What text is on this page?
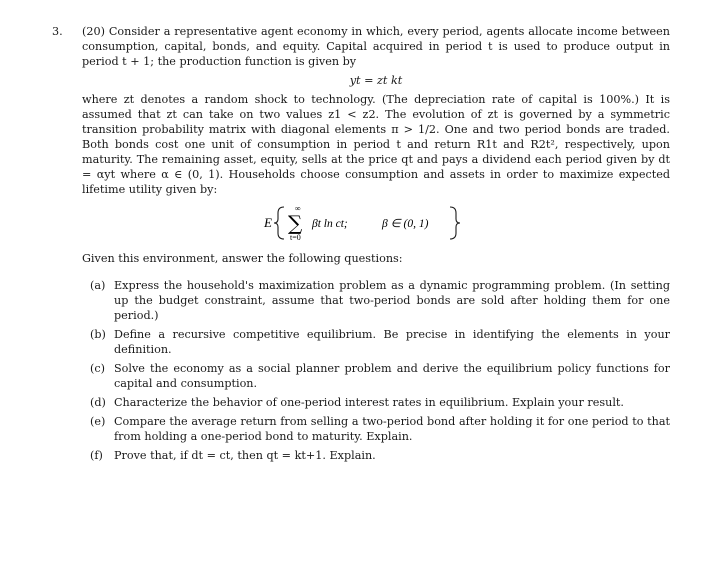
3. (20) Consider a representative agent economy in which, every period, agents allocate income between consumption, capital, bonds, and equity. Capital acquired in period t is used to produce output in period t + 1; the production function is given by
yt = zt kt
where zt denotes a random shock to technology. (The depreciation rate of capital is 100%.) It is assumed that zt can take on two values z1 < z2. The evolution of zt is governed by a symmetric transition probability matrix with diagonal elements π > 1/2. One and two period bonds are traded. Both bonds cost one unit of consumption in period t and return R1t and R2t², respectively, upon maturity. The remaining asset, equity, sells at the price qt and pays a dividend each period given by dt = αyt where α ∈ (0, 1). Households choose consumption and assets in order to maximize expected lifetime utility given by:
E
∞
∑
t=0
βt ln ct;	β ∈ (0, 1)
Given this environment, answer the following questions:
(a) Express the household's maximization problem as a dynamic programming problem. (In setting up the budget constraint, assume that two-period bonds are sold after holding them for one period.)
(b) Define a recursive competitive equilibrium. Be precise in identifying the elements in your definition.
(c) Solve the economy as a social planner problem and derive the equilibrium policy functions for capital and consumption.
(d) Characterize the behavior of one-period interest rates in equilibrium. Explain your result.
(e) Compare the average return from selling a two-period bond after holding it for one period to that from holding a one-period bond to maturity. Explain.
(f) Prove that, if dt = ct, then qt = kt+1. Explain.
